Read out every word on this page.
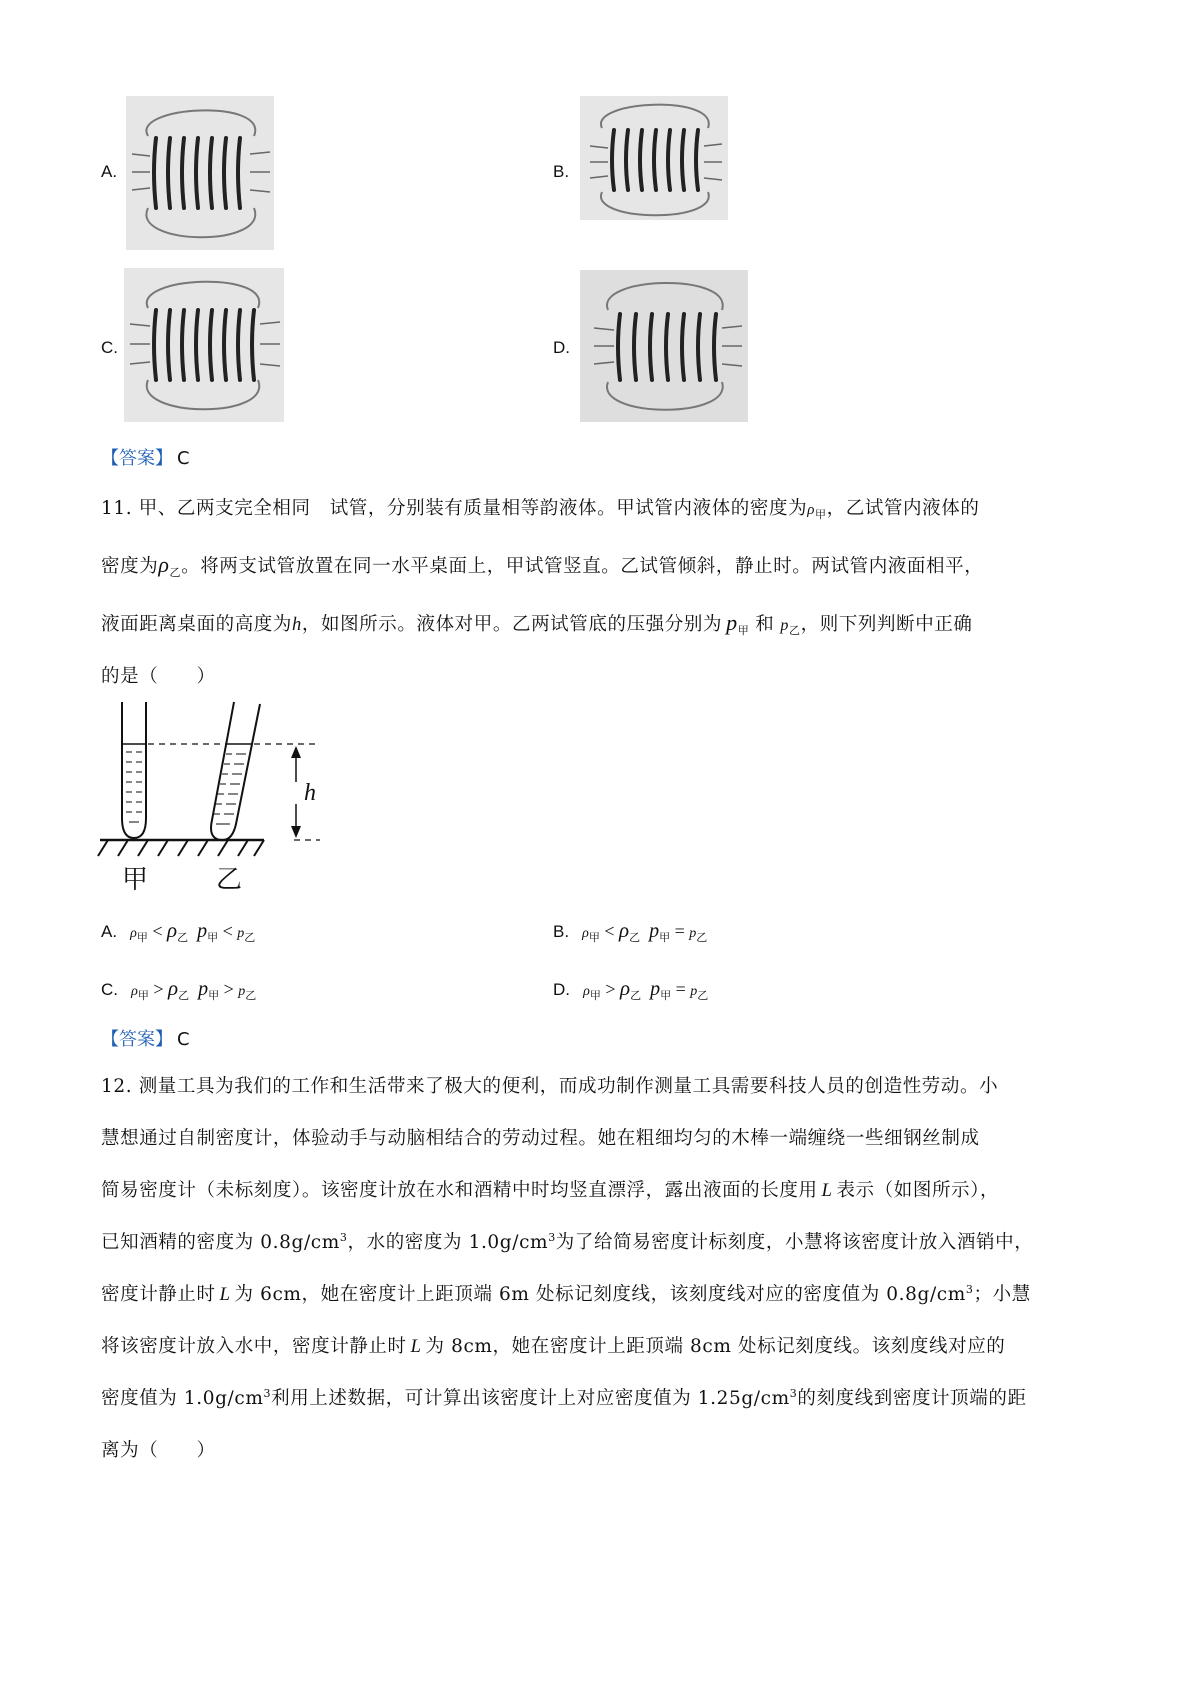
A.	B.
C.	D.
【答案】 C
11. 甲、乙两支完全相同　试管，分别装有质量相等韵液体。甲试管内液体的密度为$\rho_甲$，乙试管内液体的
密度为$\rho_乙$。将两支试管放置在同一水平桌面上，甲试管竖直。乙试管倾斜，静止时。两试管内液面相平，
液面距离桌面的高度为h，如图所示。液体对甲。乙两试管底的压强分别为 $p_甲$ 和 $p_乙$，则下列判断中正确
的是（　　）
h
甲	乙
A. $\rho_甲 < \rho_乙$ $p_甲 < p_乙$	B. $\rho_甲 < \rho_乙$ $p_甲 = p_乙$
C. $\rho_甲 > \rho_乙$ $p_甲 > p_乙$	D. $\rho_甲 > \rho_乙$ $p_甲 = p_乙$
【答案】 C
12. 测量工具为我们的工作和生活带来了极大的便利，而成功制作测量工具需要科技人员的创造性劳动。小
慧想通过自制密度计，体验动手与动脑相结合的劳动过程。她在粗细均匀的木棒一端缠绕一些细钢丝制成
简易密度计（未标刻度）。该密度计放在水和酒精中时均竖直漂浮，露出液面的长度用 L 表示（如图所示），
已知酒精的密度为 $0.8g/cm^3$，水的密度为 $1.0g/cm^3$为了给简易密度计标刻度，小慧将该密度计放入酒销中，
密度计静止时 L 为 6cm，她在密度计上距顶端 6m 处标记刻度线，该刻度线对应的密度值为 $0.8g/cm^3$；小慧
将该密度计放入水中，密度计静止时 L 为 8cm，她在密度计上距顶端 8cm 处标记刻度线。该刻度线对应的
密度值为 $1.0g/cm^3$利用上述数据，可计算出该密度计上对应密度值为 $1.25g/cm^3$的刻度线到密度计顶端的距
离为（　　）
